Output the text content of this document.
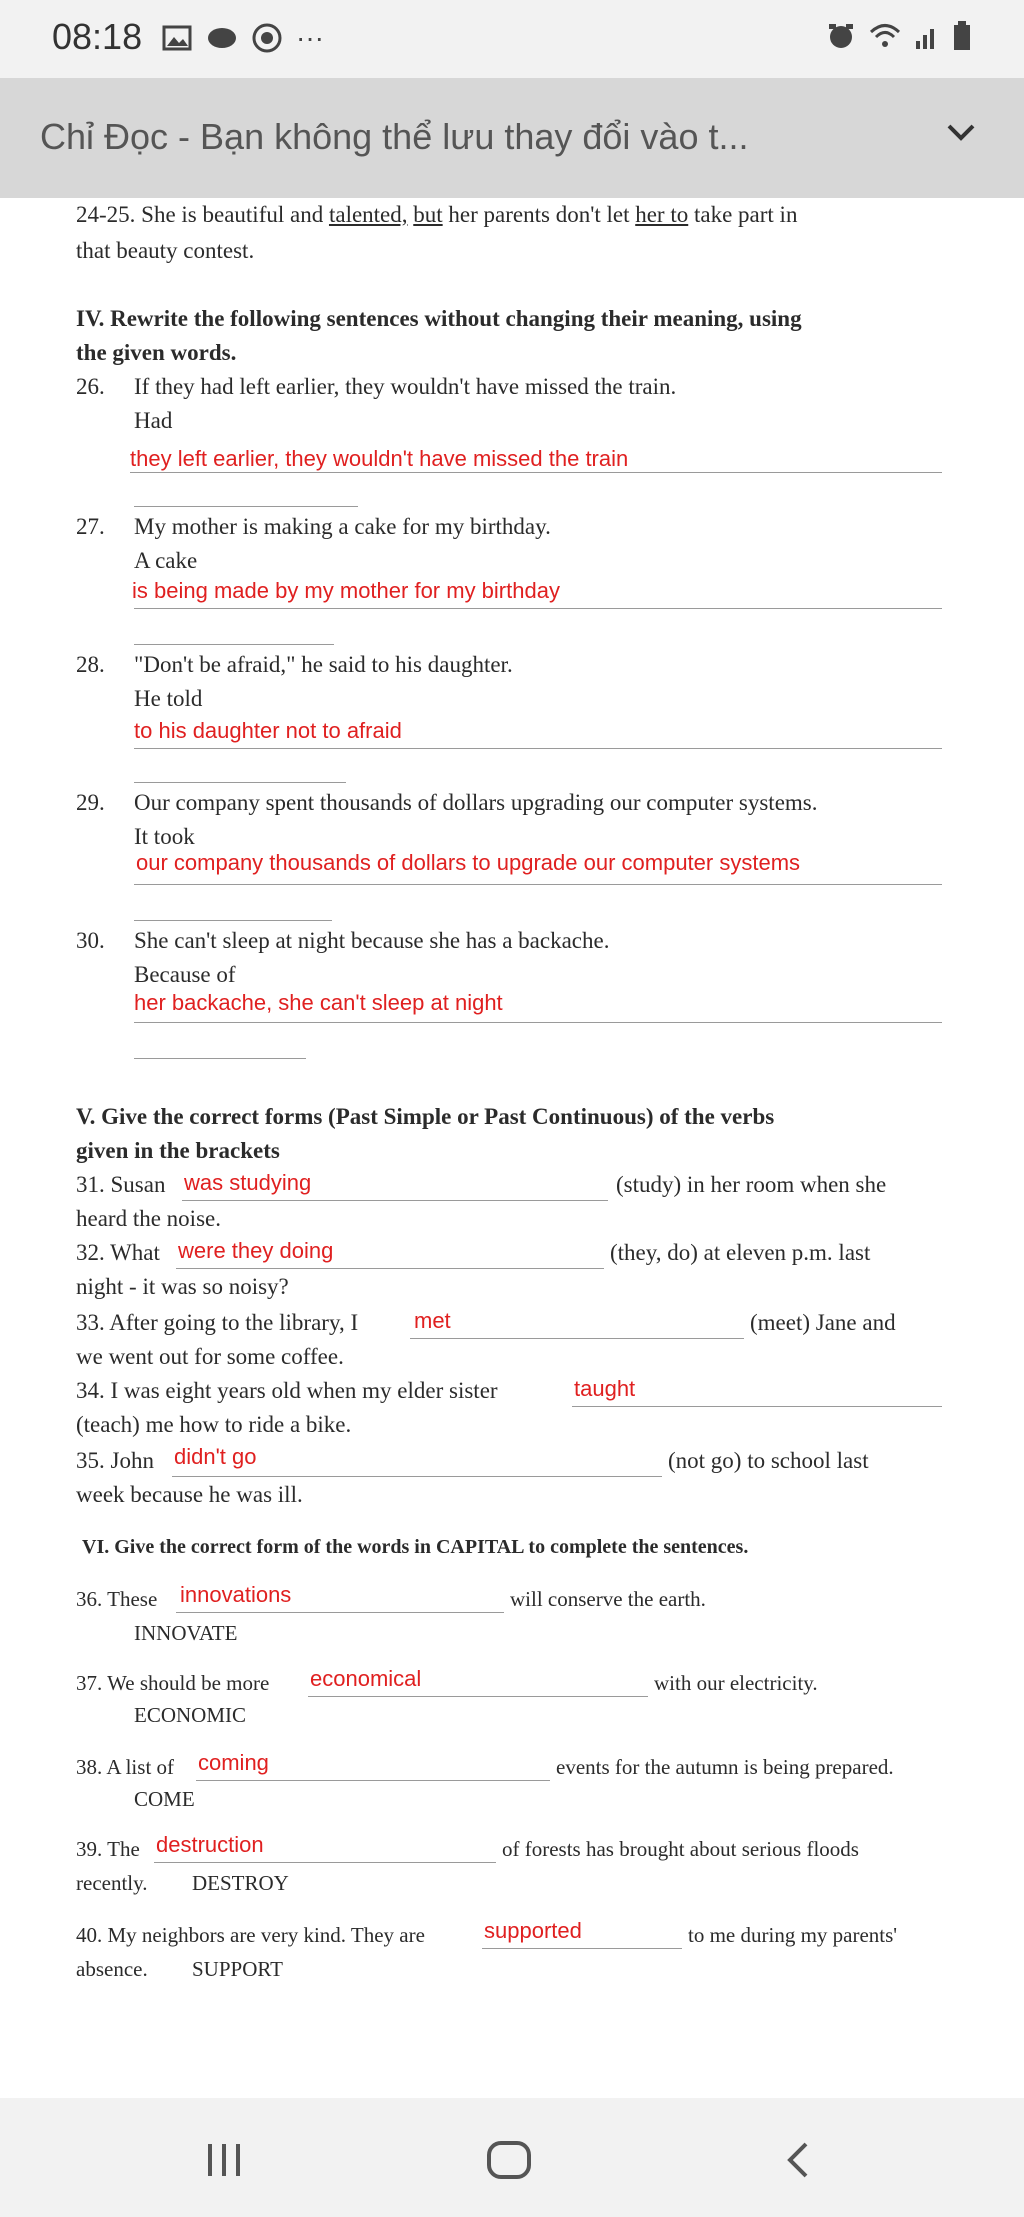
08:18	···
Chỉ Đọc - Bạn không thể lưu thay đổi vào t...
24-25. She is beautiful and talented, but her parents don't let her to take part in
that beauty contest.
IV. Rewrite the following sentences without changing their meaning, using
the given words.
26. If they had left earlier, they wouldn't have missed the train.
Had
they left earlier, they wouldn't have missed the train
27. My mother is making a cake for my birthday.
A cake
is being made by my mother for my birthday
28. "Don't be afraid," he said to his daughter.
He told
to his daughter not to afraid
29. Our company spent thousands of dollars upgrading our computer systems.
It took
our company thousands of dollars to upgrade our computer systems
30. She can't sleep at night because she has a backache.
Because of
her backache, she can't sleep at night
V. Give the correct forms (Past Simple or Past Continuous) of the verbs
given in the brackets
31. Susan was studying	(study) in her room when she
heard the noise.
32. What were they doing	(they, do) at eleven p.m. last
night - it was so noisy?
33. After going to the library, I	met	(meet) Jane and
we went out for some coffee.
34. I was eight years old when my elder sister	taught
(teach) me how to ride a bike.
35. John didn't go	(not go) to school last
week because he was ill.
VI. Give the correct form of the words in CAPITAL to complete the sentences.
36. These innovations	will conserve the earth.
INNOVATE
37. We should be more economical	with our electricity.
ECONOMIC
38. A list of coming	events for the autumn is being prepared.
COME
39. The destruction	of forests has brought about serious floods
recently. DESTROY
40. My neighbors are very kind. They are	supported	to me during my parents'
absence. SUPPORT
